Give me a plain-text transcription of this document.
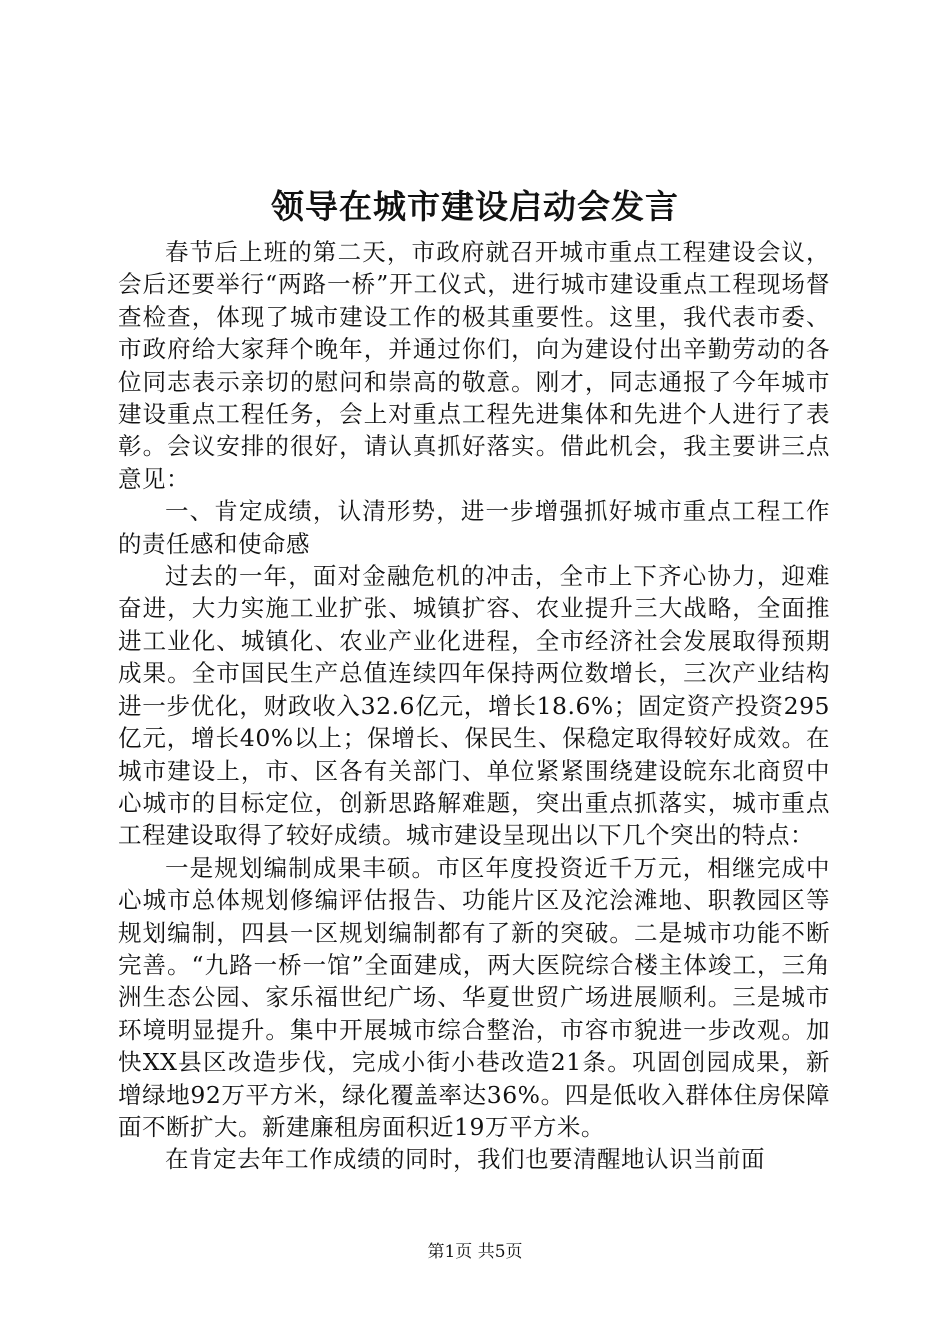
领导在城市建设启动会发言

春节后上班的第二天，市政府就召开城市重点工程建设会议，会后还要举行“两路一桥”开工仪式，进行城市建设重点工程现场督查检查，体现了城市建设工作的极其重要性。这里，我代表市委、市政府给大家拜个晚年，并通过你们，向为建设付出辛勤劳动的各位同志表示亲切的慰问和崇高的敬意。刚才，同志通报了今年城市建设重点工程任务，会上对重点工程先进集体和先进个人进行了表彰。会议安排的很好，请认真抓好落实。借此机会，我主要讲三点意见：

一、肯定成绩，认清形势，进一步增强抓好城市重点工程工作的责任感和使命感

过去的一年，面对金融危机的冲击，全市上下齐心协力，迎难奋进，大力实施工业扩张、城镇扩容、农业提升三大战略，全面推进工业化、城镇化、农业产业化进程，全市经济社会发展取得预期成果。全市国民生产总值连续四年保持两位数增长，三次产业结构进一步优化，财政收入32.6亿元，增长18.6%；固定资产投资295亿元，增长40%以上；保增长、保民生、保稳定取得较好成效。在城市建设上，市、区各有关部门、单位紧紧围绕建设皖东北商贸中心城市的目标定位，创新思路解难题，突出重点抓落实，城市重点工程建设取得了较好成绩。城市建设呈现出以下几个突出的特点：

一是规划编制成果丰硕。市区年度投资近千万元，相继完成中心城市总体规划修编评估报告、功能片区及沱浍滩地、职教园区等规划编制，四县一区规划编制都有了新的突破。二是城市功能不断完善。“九路一桥一馆”全面建成，两大医院综合楼主体竣工，三角洲生态公园、家乐福世纪广场、华夏世贸广场进展顺利。三是城市环境明显提升。集中开展城市综合整治，市容市貌进一步改观。加快XX县区改造步伐，完成小街小巷改造21条。巩固创园成果，新增绿地92万平方米，绿化覆盖率达36%。四是低收入群体住房保障面不断扩大。新建廉租房面积近19万平方米。

在肯定去年工作成绩的同时，我们也要清醒地认识当前面

第1页 共5页
